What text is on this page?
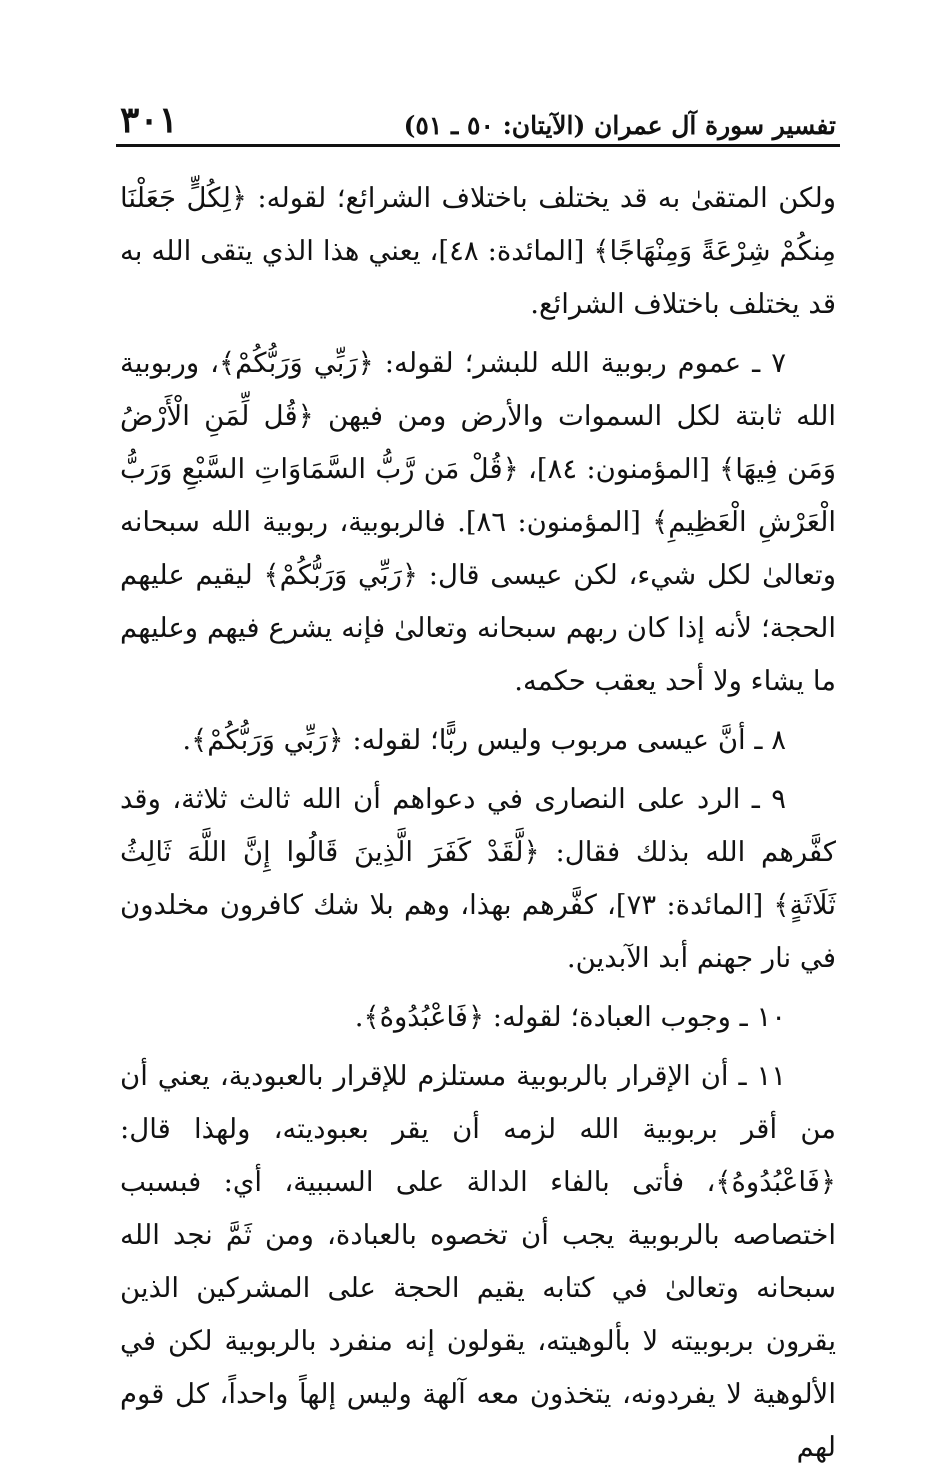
تفسير سورة آل عمران (الآيتان: ٥٠ ـ ٥١)
٣٠١

ولكن المتقىٰ به قد يختلف باختلاف الشرائع؛ لقوله: ﴿لِكُلٍّ جَعَلْنَا مِنكُمْ شِرْعَةً وَمِنْهَاجًا﴾ [المائدة: ٤٨]، يعني هذا الذي يتقى الله به قد يختلف باختلاف الشرائع.

٧ ـ عموم ربوبية الله للبشر؛ لقوله: ﴿رَبِّي وَرَبُّكُمْ﴾، وربوبية الله ثابتة لكل السموات والأرض ومن فيهن ﴿قُل لِّمَنِ الْأَرْضُ وَمَن فِيهَا﴾ [المؤمنون: ٨٤]، ﴿قُلْ مَن رَّبُّ السَّمَاوَاتِ السَّبْعِ وَرَبُّ الْعَرْشِ الْعَظِيمِ﴾ [المؤمنون: ٨٦]. فالربوبية، ربوبية الله سبحانه وتعالىٰ لكل شيء، لكن عيسى قال: ﴿رَبِّي وَرَبُّكُمْ﴾ ليقيم عليهم الحجة؛ لأنه إذا كان ربهم سبحانه وتعالىٰ فإنه يشرع فيهم وعليهم ما يشاء ولا أحد يعقب حكمه.

٨ ـ أنَّ عيسى مربوب وليس ربًّا؛ لقوله: ﴿رَبِّي وَرَبُّكُمْ﴾.

٩ ـ الرد على النصارى في دعواهم أن الله ثالث ثلاثة، وقد كفَّرهم الله بذلك فقال: ﴿لَّقَدْ كَفَرَ الَّذِينَ قَالُوا إِنَّ اللَّهَ ثَالِثُ ثَلَاثَةٍ﴾ [المائدة: ٧٣]، كفَّرهم بهذا، وهم بلا شك كافرون مخلدون في نار جهنم أبد الآبدين.

١٠ ـ وجوب العبادة؛ لقوله: ﴿فَاعْبُدُوهُ﴾.

١١ ـ أن الإقرار بالربوبية مستلزم للإقرار بالعبودية، يعني أن من أقر بربوبية الله لزمه أن يقر بعبوديته، ولهذا قال: ﴿فَاعْبُدُوهُ﴾، فأتى بالفاء الدالة على السببية، أي: فبسبب اختصاصه بالربوبية يجب أن تخصوه بالعبادة، ومن ثَمَّ نجد الله سبحانه وتعالىٰ في كتابه يقيم الحجة على المشركين الذين يقرون بربوبيته لا بألوهيته، يقولون إنه منفرد بالربوبية لكن في الألوهية لا يفردونه، يتخذون معه آلهة وليس إلهاً واحداً، كل قوم لهم
